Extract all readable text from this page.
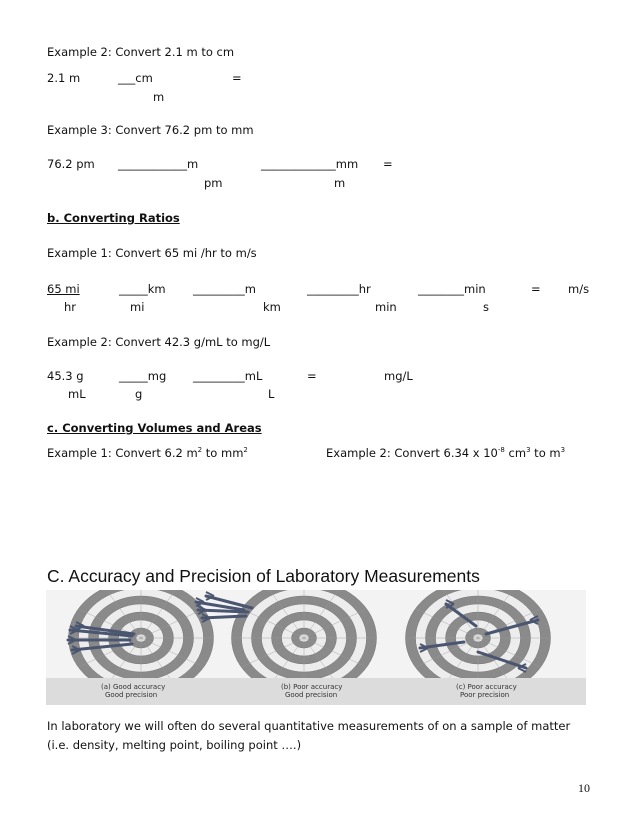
Example 2: Convert 2.1 m to cm
2.1 m	___cm
m
=
Example 3: Convert 76.2 pm to mm
76.2 pm ____________m
pm
_____________mm
m
=
b. Converting Ratios
Example 1: Convert 65 mi /hr to m/s
65 mi
hr
_____km
mi
_________m
km
_________hr
min
________min
s
= m/s
Example 2: Convert 42.3 g/mL to mg/L
45.3 g
mL
_____mg
g
_________mL
L
=	mg/L
c. Converting Volumes and Areas
Example 1: Convert 6.2 $m^2$ to $mm^2$	Example 2: Convert 6.34 x $10^{-8}$ $cm^3$ to $m^3$
C. Accuracy and Precision of Laboratory Measurements
(a) Good accuracy
Good precision
(b) Poor accuracy
Good precision
(c) Poor accuracy
Poor precision
In laboratory we will often do several quantitative measurements of on a sample of matter
(i.e. density, melting point, boiling point ….)
10
